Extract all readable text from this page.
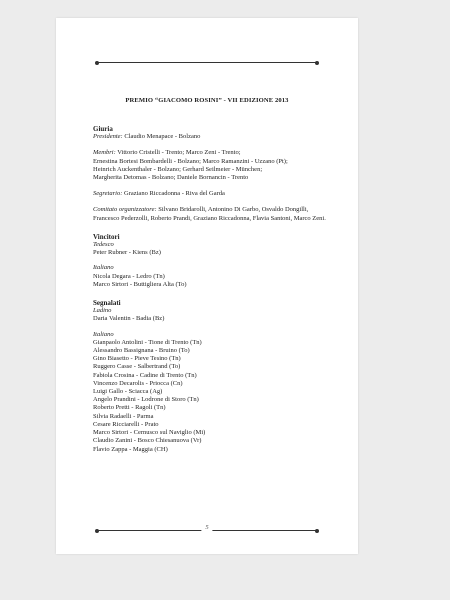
PREMIO “GIACOMO ROSINI” - VII EDIZIONE 2013
Giuria
Presidente: Claudio Menapace - Bolzano
Membri: Vittorio Cristelli - Trento; Marco Zeni - Trento;
Ernestina Bortesi Bombardelli - Bolzano; Marco Ramanzini - Uzzano (Pt);
Heinrich Auckenthaler - Bolzano; Gerhard Seilmeier - München;
Margherita Detomas - Bolzano; Daniele Bornancin - Trento
Segretario: Graziano Riccadonna - Riva del Garda
Comitato organizzatore: Silvano Bridarolli, Antonino Di Garbo, Osvaldo Dongilli,
Francesco Pederzolli, Roberto Prandi, Graziano Riccadonna, Flavia Santoni, Marco Zeni.
Vincitori
Tedesco
Peter Rubner - Kiens (Bz)
Italiano
Nicola Degara - Ledro (Tn)
Marco Sirtori - Buttigliera Alta (To)
Segnalati
Ladino
Daria Valentin - Badia (Bz)
Italiano
Gianpaolo Antolini - Tione di Trento (Tn)
Alessandro Bassignana - Bruino (To)
Gino Biasetto - Pieve Tesino (Tn)
Ruggero Casse - Salbertrand (To)
Fabiola Crosina - Cadine di Trento (Tn)
Vincenzo Decarolis - Priocca (Cn)
Luigi Gallo - Sciacca (Ag)
Angelo Prandini - Lodrone di Storo (Tn)
Roberto Pretti - Ragoli (Tn)
Silvia Radaelli - Parma
Cesare Ricciarelli - Prato
Marco Sirtori - Cernusco sul Naviglio (Mi)
Claudio Zanini - Bosco Chiesanuova (Vr)
Flavio Zappa - Maggia (CH)
5
